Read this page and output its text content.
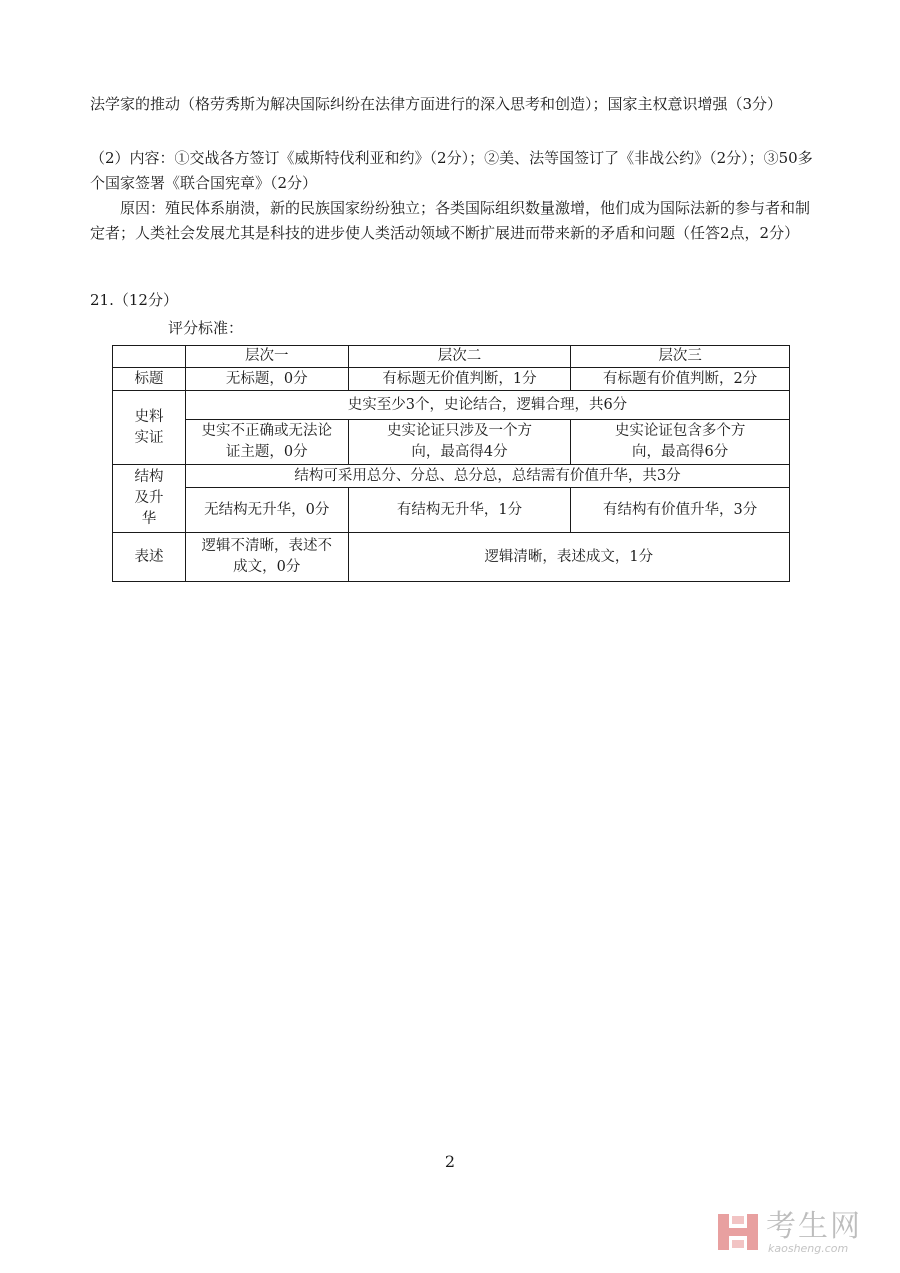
法学家的推动（格劳秀斯为解决国际纠纷在法律方面进行的深入思考和创造）；国家主权意识增强（3分）

（2）内容：①交战各方签订《威斯特伐利亚和约》（2分）；②美、法等国签订了《非战公约》（2分）；③50多个国家签署《联合国宪章》（2分）

原因：殖民体系崩溃，新的民族国家纷纷独立；各类国际组织数量激增，他们成为国际法新的参与者和制定者；人类社会发展尤其是科技的进步使人类活动领域不断扩展进而带来新的矛盾和问题（任答2点，2分）

21.（12分）

评分标准：

	层次一	层次二	层次三
标题	无标题，0分	有标题无价值判断，1分	有标题有价值判断，2分
史料实证	史实至少3个，史论结合，逻辑合理，共6分		
	史实不正确或无法论证主题，0分	史实论证只涉及一个方向，最高得4分	史实论证包含多个方向，最高得6分
结构及升华	结构可采用总分、分总、总分总，总结需有价值升华，共3分		
	无结构无升华，0分	有结构无升华，1分	有结构有价值升华，3分
表述	逻辑不清晰，表述不成文，0分	逻辑清晰，表述成文，1分	

2

考生网

kaosheng.com
